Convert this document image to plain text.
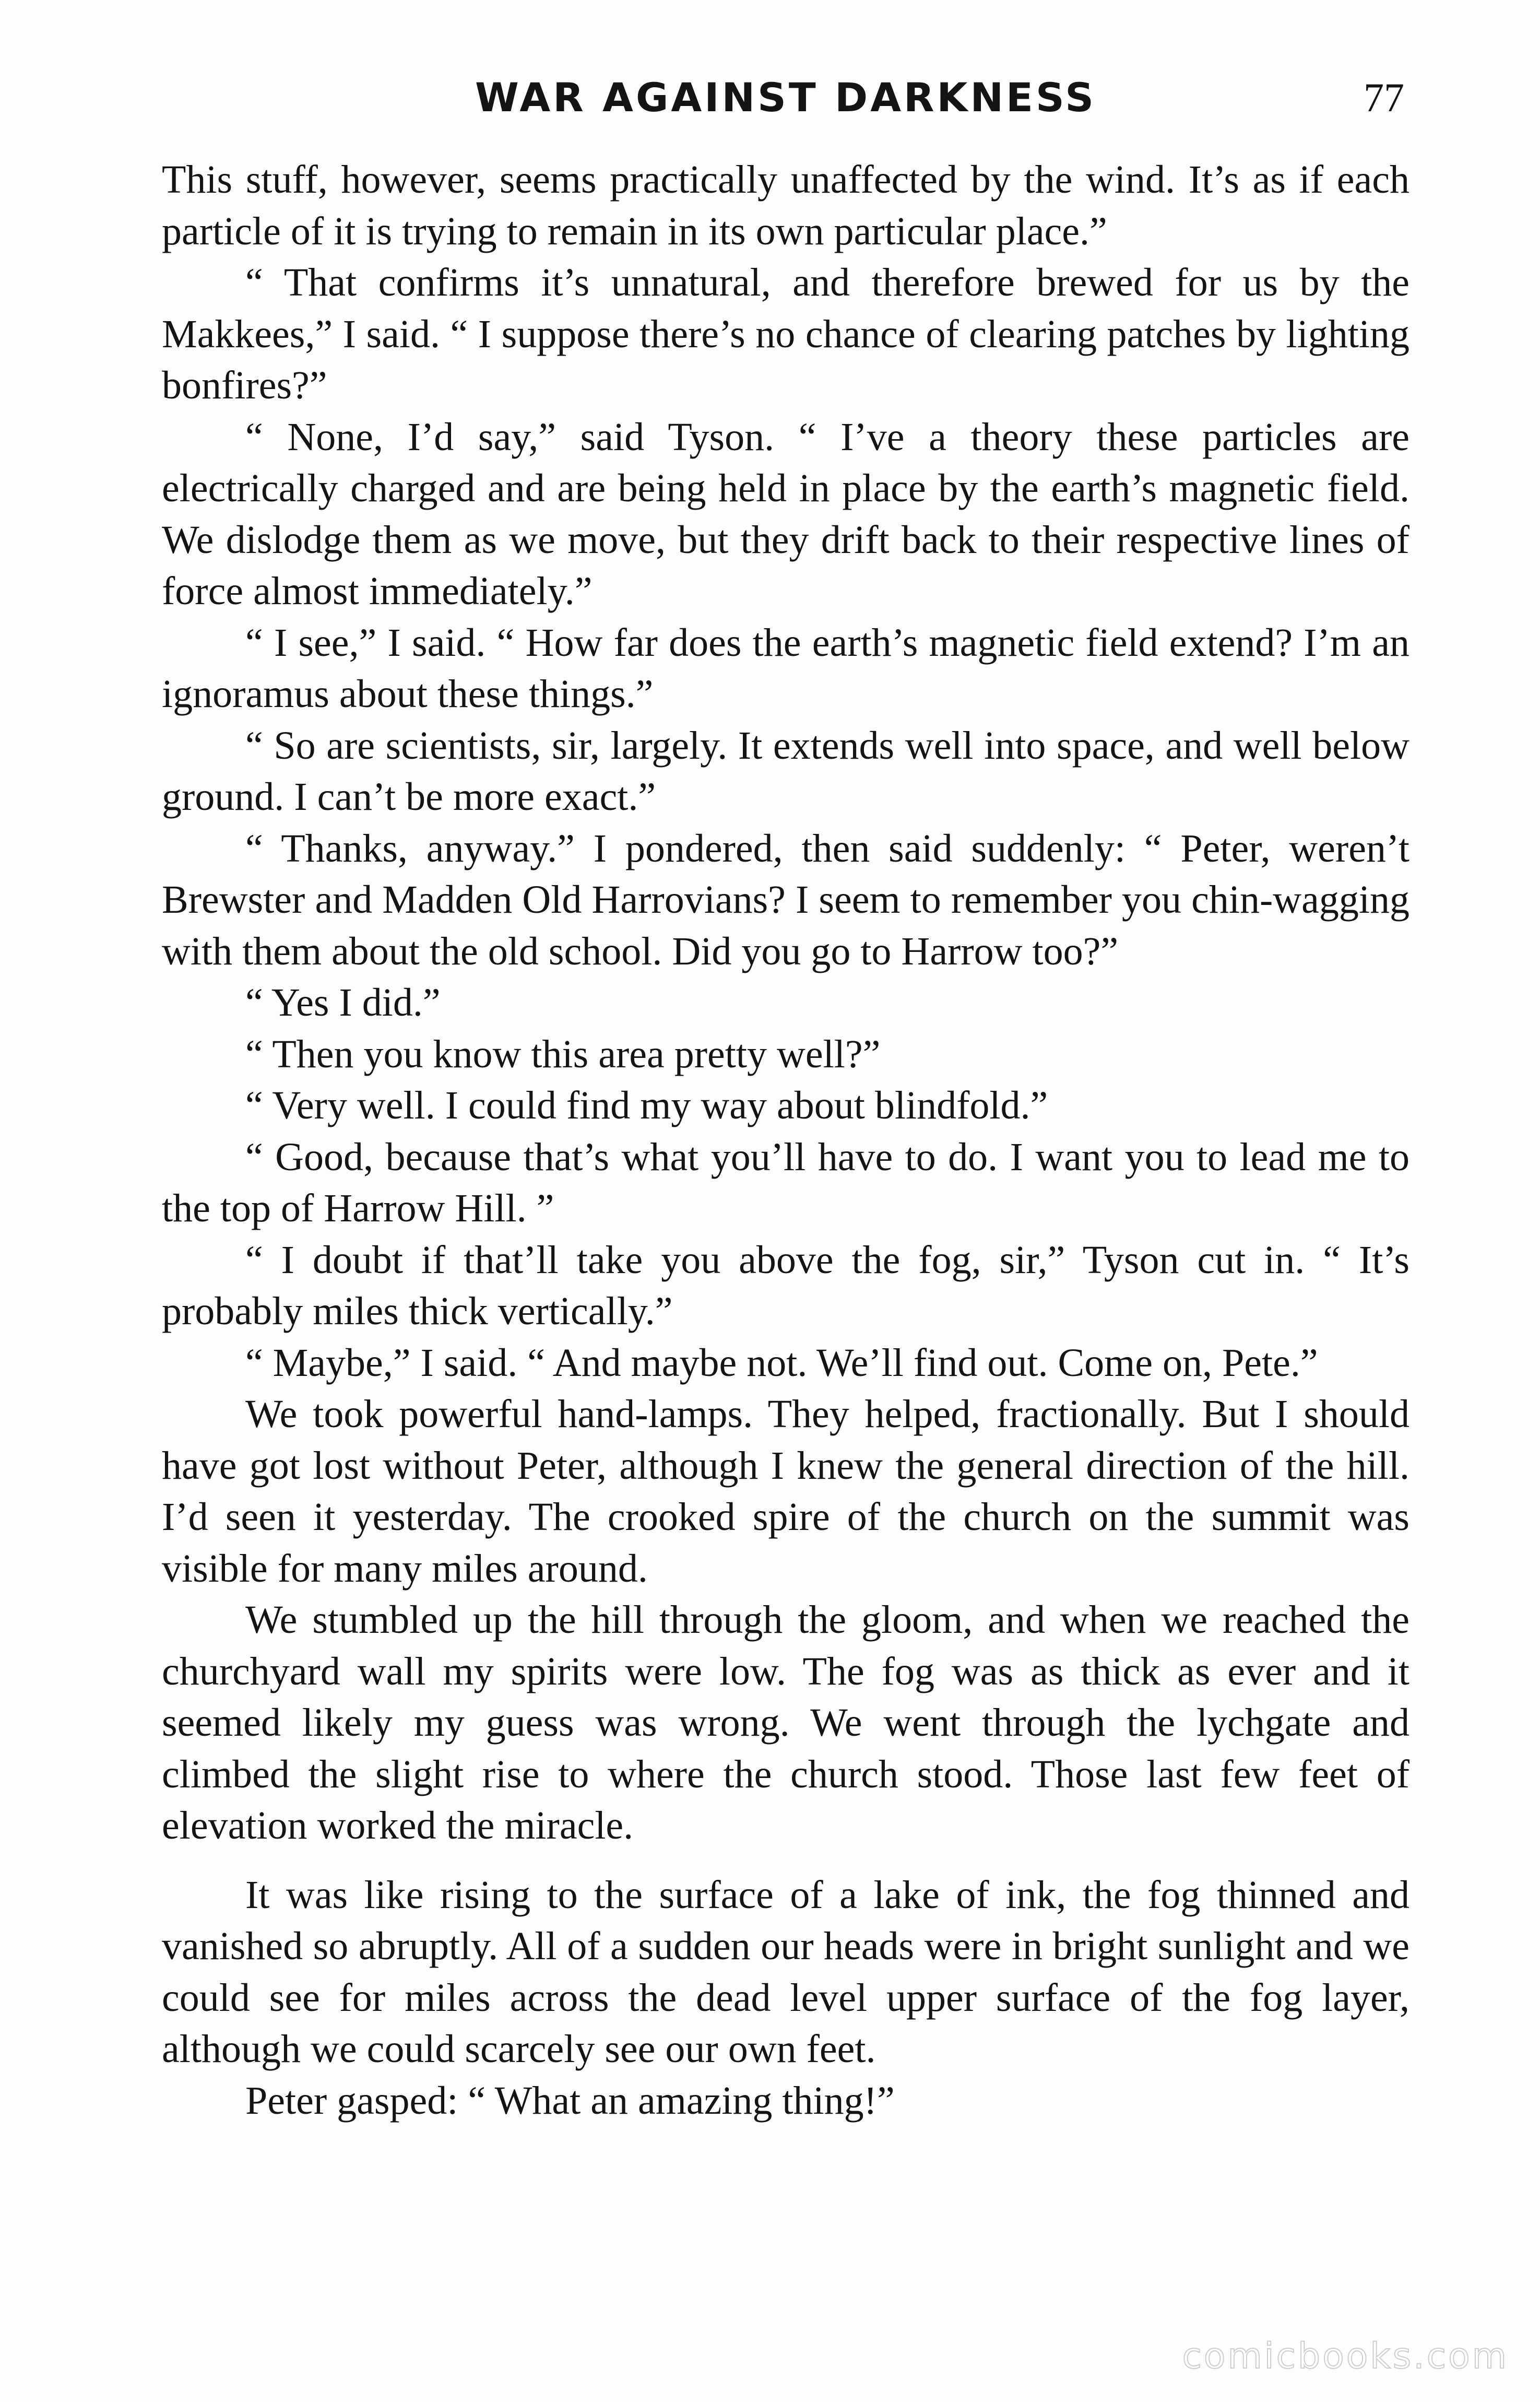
WAR AGAINST DARKNESS	77

This stuff, however, seems practically unaffected by the wind. It’s as if each particle of it is trying to remain in its own particular place.”

“ That confirms it’s unnatural, and therefore brewed for us by the Makkees,” I said. “ I suppose there’s no chance of clearing patches by lighting bonfires?”

“ None, I’d say,” said Tyson. “ I’ve a theory these particles are electrically charged and are being held in place by the earth’s magnetic field. We dislodge them as we move, but they drift back to their respective lines of force almost immediately.”

“ I see,” I said. “ How far does the earth’s magnetic field extend? I’m an ignoramus about these things.”

“ So are scientists, sir, largely. It extends well into space, and well below ground. I can’t be more exact.”

“ Thanks, anyway.” I pondered, then said suddenly: “ Peter, weren’t Brewster and Madden Old Harrovians? I seem to remember you chin-wagging with them about the old school. Did you go to Harrow too?”

“ Yes I did.”

“ Then you know this area pretty well?”

“ Very well. I could find my way about blindfold.”

“ Good, because that’s what you’ll have to do. I want you to lead me to the top of Harrow Hill. ”

“ I doubt if that’ll take you above the fog, sir,” Tyson cut in. “ It’s probably miles thick vertically.”

“ Maybe,” I said. “ And maybe not. We’ll find out. Come on, Pete.”

We took powerful hand-lamps. They helped, fractionally. But I should have got lost without Peter, although I knew the general direction of the hill. I’d seen it yesterday. The crooked spire of the church on the summit was visible for many miles around.

We stumbled up the hill through the gloom, and when we reached the churchyard wall my spirits were low. The fog was as thick as ever and it seemed likely my guess was wrong. We went through the lychgate and climbed the slight rise to where the church stood. Those last few feet of elevation worked the miracle.

It was like rising to the surface of a lake of ink, the fog thinned and vanished so abruptly. All of a sudden our heads were in bright sunlight and we could see for miles across the dead level upper surface of the fog layer, although we could scarcely see our own feet.

Peter gasped: “ What an amazing thing!”

comicbooks.com
